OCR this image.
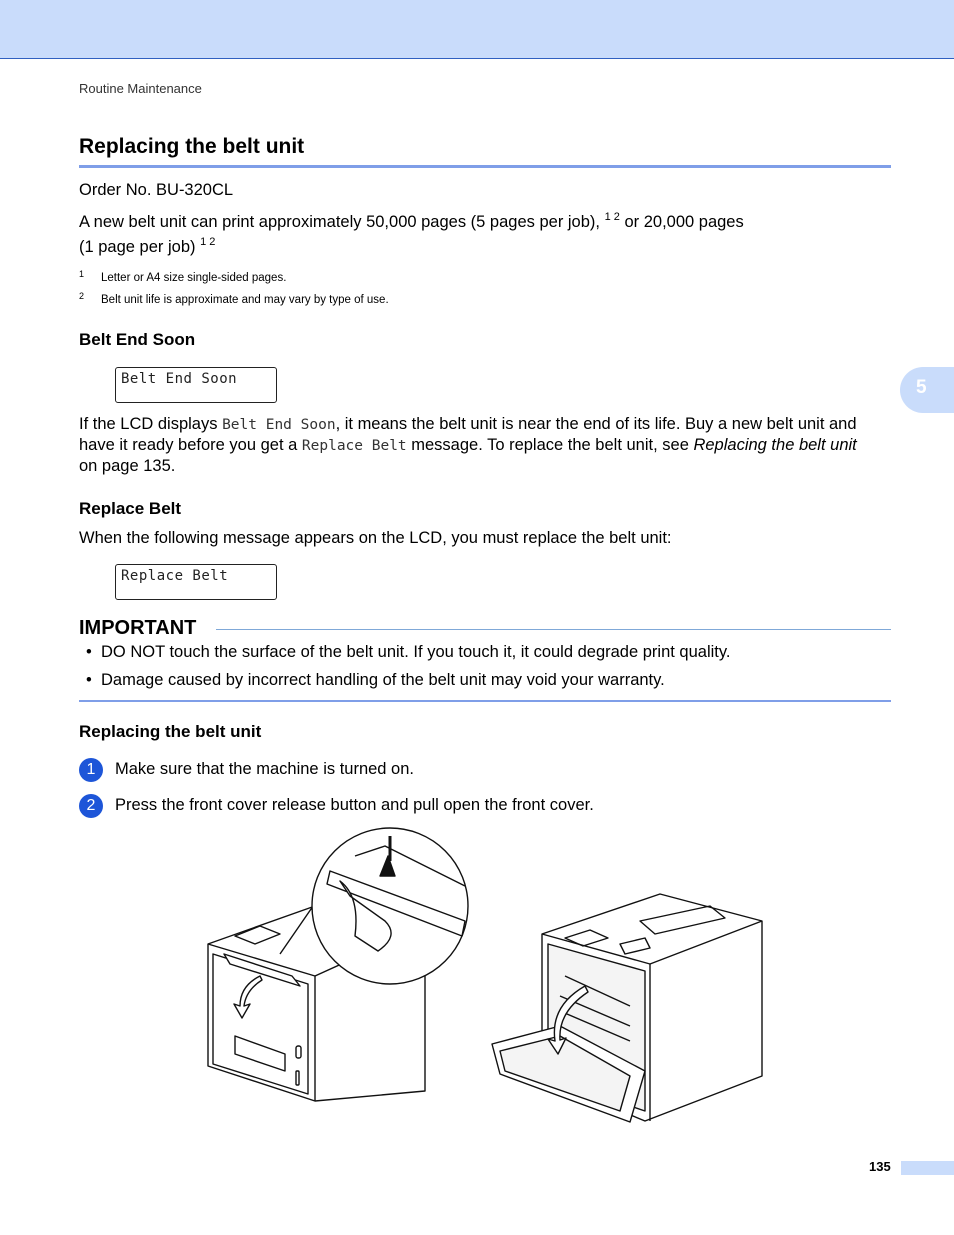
Routine Maintenance
Replacing the belt unit
Order No. BU-320CL
A new belt unit can print approximately 50,000 pages (5 pages per job), $^{1 2}$ or 20,000 pages
(1 page per job) $^{1 2}$
1 Letter or A4 size single-sided pages.
2 Belt unit life is approximate and may vary by type of use.
Belt End Soon
Belt End Soon
If the LCD displays Belt End Soon, it means the belt unit is near the end of its life. Buy a new belt unit and
have it ready before you get a Replace Belt message. To replace the belt unit, see Replacing the belt unit
on page 135.
5
Replace Belt
When the following message appears on the LCD, you must replace the belt unit:
Replace Belt
IMPORTANT
• DO NOT touch the surface of the belt unit. If you touch it, it could degrade print quality.
• Damage caused by incorrect handling of the belt unit may void your warranty.
Replacing the belt unit
1	Make sure that the machine is turned on.
2	Press the front cover release button and pull open the front cover.
135
